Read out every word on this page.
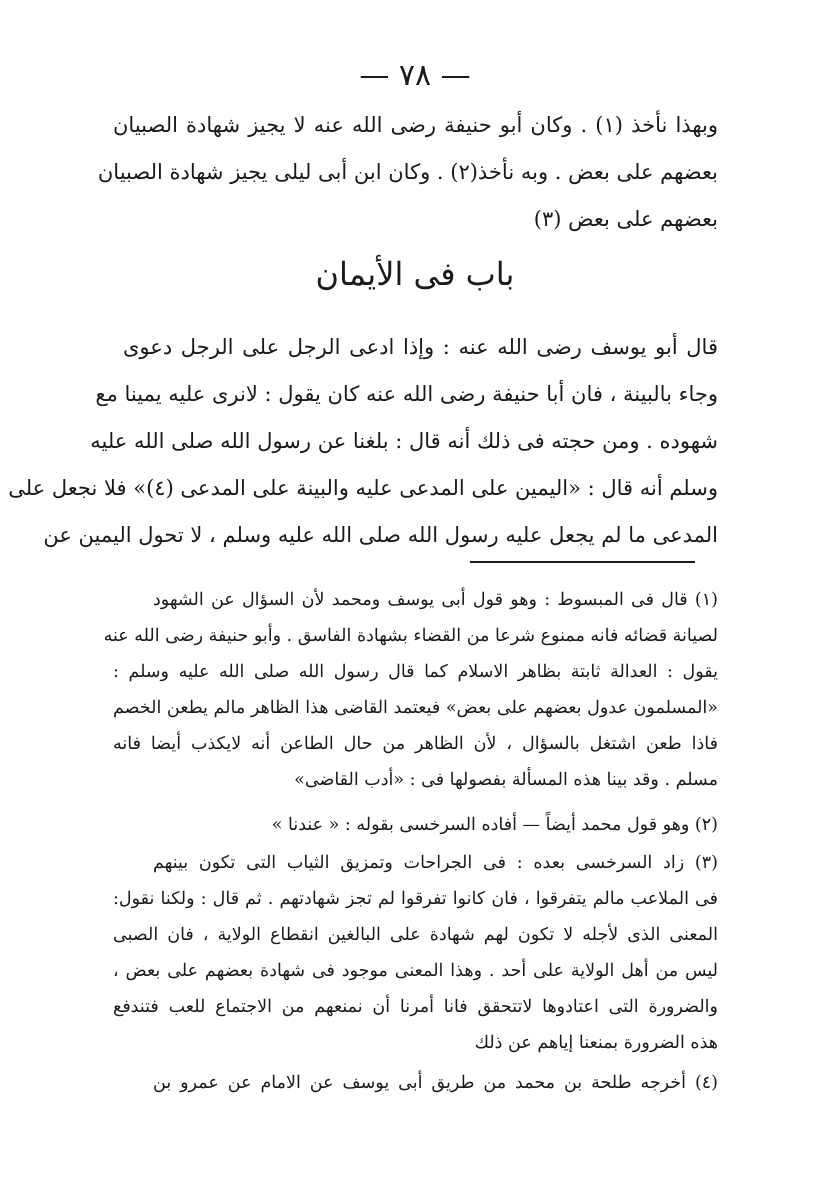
— ٧٨ —
وبهذا نأخذ (١) . وكان أبو حنيفة رضى الله عنه لا يجيز شهادة الصبيان
بعضهم على بعض . وبه نأخذ(٢) . وكان ابن أبى ليلى يجيز شهادة الصبيان
بعضهم على بعض (٣)
باب فى الأيمان
قال أبو يوسف رضى الله عنه : وإذا ادعى الرجل على الرجل دعوى
وجاء بالبينة ، فان أبا حنيفة رضى الله عنه كان يقول : لانرى عليه يمينا مع
شهوده . ومن حجته فى ذلك أنه قال : بلغنا عن رسول الله صلى الله عليه
وسلم أنه قال : «اليمين على المدعى عليه والبينة على المدعى (٤)» فلا نجعل على
المدعى ما لم يجعل عليه رسول الله صلى الله عليه وسلم ، لا تحول اليمين عن
(١) قال فى المبسوط : وهو قول أبى يوسف ومحمد لأن السؤال عن الشهود
لصيانة قضائه فانه ممنوع شرعا من القضاء بشهادة الفاسق . وأبو حنيفة رضى الله عنه
يقول : العدالة ثابتة بظاهر الاسلام كما قال رسول الله صلى الله عليه وسلم :
«المسلمون عدول بعضهم على بعض» فيعتمد القاضى هذا الظاهر مالم يطعن الخصم
فاذا طعن اشتغل بالسؤال ، لأن الظاهر من حال الطاعن أنه لايكذب أيضا فانه
مسلم . وقد بينا هذه المسألة بفصولها فى : «أدب القاضى»
(٢) وهو قول محمد أيضاً — أفاده السرخسى بقوله : « عندنا »
(٣) زاد السرخسى بعده : فى الجراحات وتمزيق الثياب التى تكون بينهم
فى الملاعب مالم يتفرقوا ، فان كانوا تفرقوا لم تجز شهادتهم . ثم قال : ولكنا نقول:
المعنى الذى لأجله لا تكون لهم شهادة على البالغين انقطاع الولاية ، فان الصبى
ليس من أهل الولاية على أحد . وهذا المعنى موجود فى شهادة بعضهم على بعض ،
والضرورة التى اعتادوها لاتتحقق فانا أمرنا أن نمنعهم من الاجتماع للعب فتندفع
هذه الضرورة بمنعنا إياهم عن ذلك
(٤) أخرجه طلحة بن محمد من طريق أبى يوسف عن الامام عن عمرو بن
